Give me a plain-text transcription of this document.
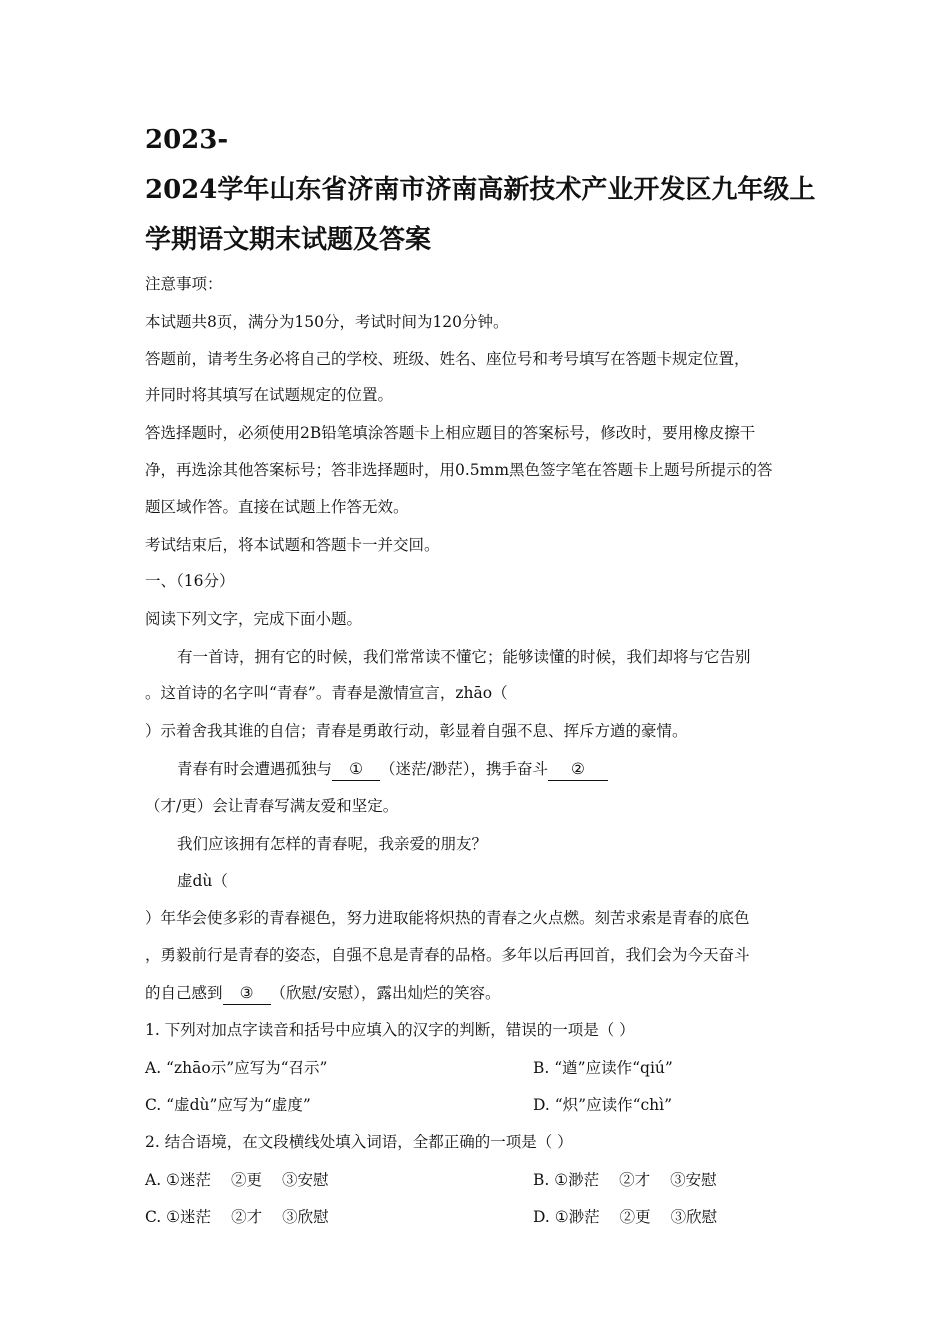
2023-
2024学年山东省济南市济南高新技术产业开发区九年级上
学期语文期末试题及答案
注意事项：
本试题共8页，满分为150分，考试时间为120分钟。
答题前，请考生务必将自己的学校、班级、姓名、座位号和考号填写在答题卡规定位置，
并同时将其填写在试题规定的位置。
答选择题时，必须使用2B铅笔填涂答题卡上相应题目的答案标号，修改时，要用橡皮擦干
净，再选涂其他答案标号；答非选择题时，用0.5mm黑色签字笔在答题卡上题号所提示的答
题区域作答。直接在试题上作答无效。
考试结束后，将本试题和答题卡一并交回。
一、（16分）
阅读下列文字，完成下面小题。
有一首诗，拥有它的时候，我们常常读不懂它；能够读懂的时候，我们却将与它告别
。这首诗的名字叫“青春”。青春是激情宣言，zhāo（
）示着舍我其谁的自信；青春是勇敢行动，彰显着自强不息、挥斥方遒的豪情。
青春有时会遭遇孤独与 ① （迷茫/渺茫），携手奋斗 ②
（才/更）会让青春写满友爱和坚定。
我们应该拥有怎样的青春呢，我亲爱的朋友？
虚dù（
）年华会使多彩的青春褪色，努力进取能将炽热的青春之火点燃。刻苦求索是青春的底色
，勇毅前行是青春的姿态，自强不息是青春的品格。多年以后再回首，我们会为今天奋斗
的自己感到 ③ （欣慰/安慰），露出灿烂的笑容。
1. 下列对加点字读音和括号中应填入的汉字的判断，错误的一项是（ ）
A. “zhāo示”应写为“召示”	B. “遒”应读作“qiú”
C. “虚dù”应写为“虚度”	D. “炽”应读作“chì”
2. 结合语境，在文段横线处填入词语，全都正确的一项是（ ）
A. ①迷茫 ②更 ③安慰	B. ①渺茫 ②才 ③安慰
C. ①迷茫 ②才 ③欣慰	D. ①渺茫 ②更 ③欣慰
